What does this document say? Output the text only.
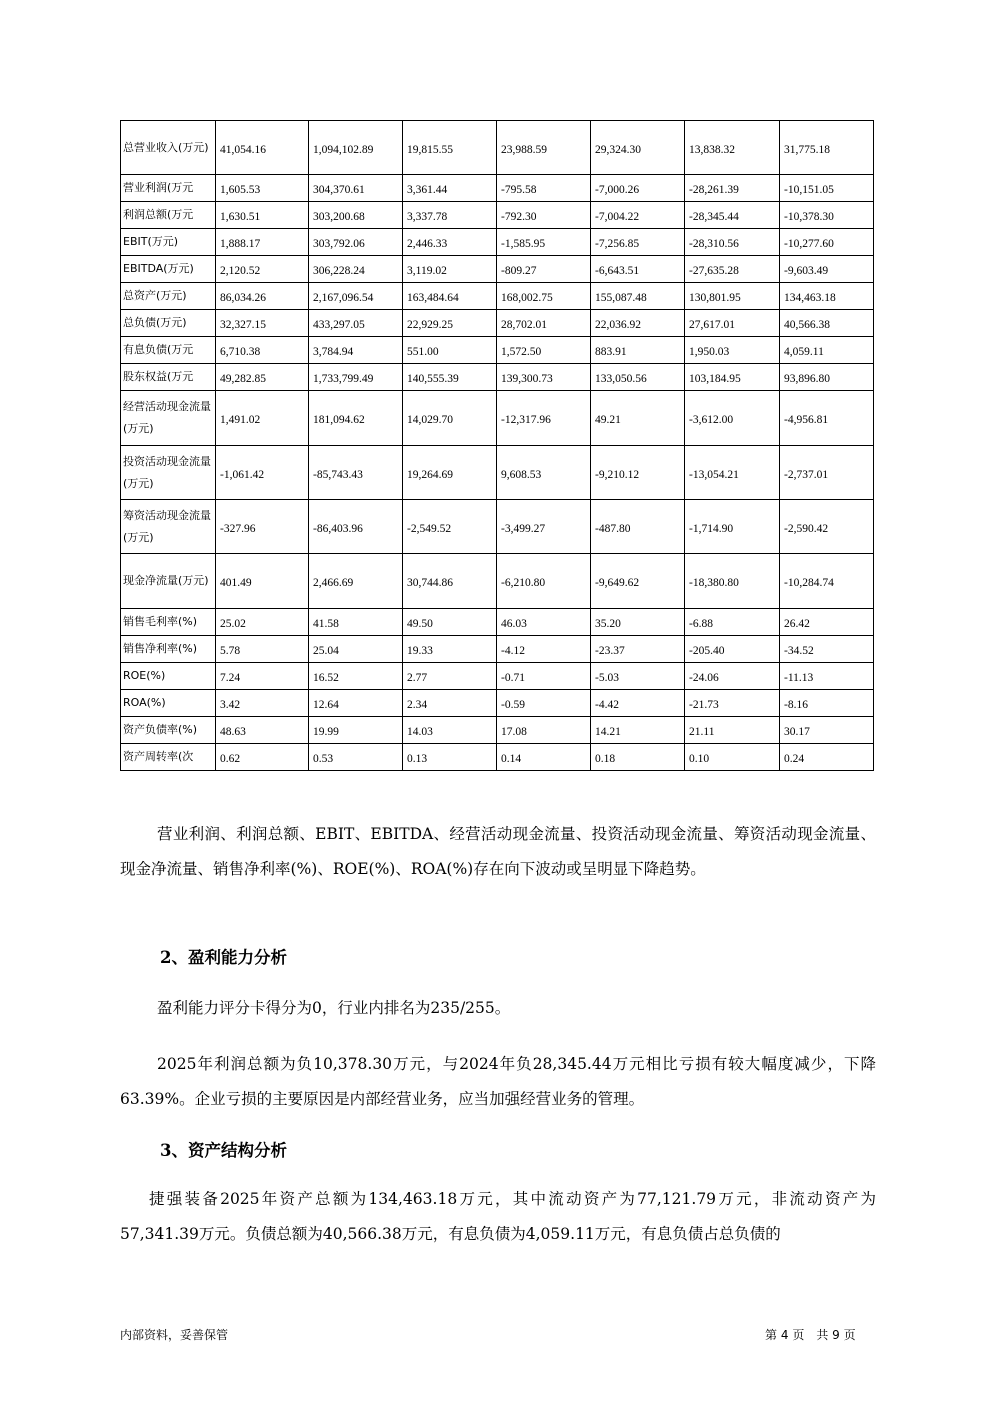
总营业收入(万元)	41,054.16	1,094,102.89	19,815.55	23,988.59	29,324.30	13,838.32	31,775.18
营业利润(万元	1,605.53	304,370.61	3,361.44	-795.58	-7,000.26	-28,261.39	-10,151.05
利润总额(万元	1,630.51	303,200.68	3,337.78	-792.30	-7,004.22	-28,345.44	-10,378.30
EBIT(万元)	1,888.17	303,792.06	2,446.33	-1,585.95	-7,256.85	-28,310.56	-10,277.60
EBITDA(万元)	2,120.52	306,228.24	3,119.02	-809.27	-6,643.51	-27,635.28	-9,603.49
总资产(万元)	86,034.26	2,167,096.54	163,484.64	168,002.75	155,087.48	130,801.95	134,463.18
总负债(万元)	32,327.15	433,297.05	22,929.25	28,702.01	22,036.92	27,617.01	40,566.38
有息负债(万元	6,710.38	3,784.94	551.00	1,572.50	883.91	1,950.03	4,059.11
股东权益(万元	49,282.85	1,733,799.49	140,555.39	139,300.73	133,050.56	103,184.95	93,896.80
经营活动现金流量(万元)	1,491.02	181,094.62	14,029.70	-12,317.96	49.21	-3,612.00	-4,956.81
投资活动现金流量(万元)	-1,061.42	-85,743.43	19,264.69	9,608.53	-9,210.12	-13,054.21	-2,737.01
筹资活动现金流量(万元)	-327.96	-86,403.96	-2,549.52	-3,499.27	-487.80	-1,714.90	-2,590.42
现金净流量(万元)	401.49	2,466.69	30,744.86	-6,210.80	-9,649.62	-18,380.80	-10,284.74
销售毛利率(%)	25.02	41.58	49.50	46.03	35.20	-6.88	26.42
销售净利率(%)	5.78	25.04	19.33	-4.12	-23.37	-205.40	-34.52
ROE(%)	7.24	16.52	2.77	-0.71	-5.03	-24.06	-11.13
ROA(%)	3.42	12.64	2.34	-0.59	-4.42	-21.73	-8.16
资产负债率(%)	48.63	19.99	14.03	17.08	14.21	21.11	30.17
资产周转率(次	0.62	0.53	0.13	0.14	0.18	0.10	0.24

营业利润、利润总额、EBIT、EBITDA、经营活动现金流量、投资活动现金流量、筹资活动现金流量、现金净流量、销售净利率(%)、ROE(%)、ROA(%)存在向下波动或呈明显下降趋势。

2、盈利能力分析

盈利能力评分卡得分为0，行业内排名为235/255。

2025年利润总额为负10,378.30万元，与2024年负28,345.44万元相比亏损有较大幅度减少，下降63.39%。企业亏损的主要原因是内部经营业务，应当加强经营业务的管理。

3、资产结构分析

捷强装备2025年资产总额为134,463.18万元，其中流动资产为77,121.79万元，非流动资产为57,341.39万元。负债总额为40,566.38万元，有息负债为4,059.11万元，有息负债占总负债的

内部资料，妥善保管	第 4 页　共 9 页
